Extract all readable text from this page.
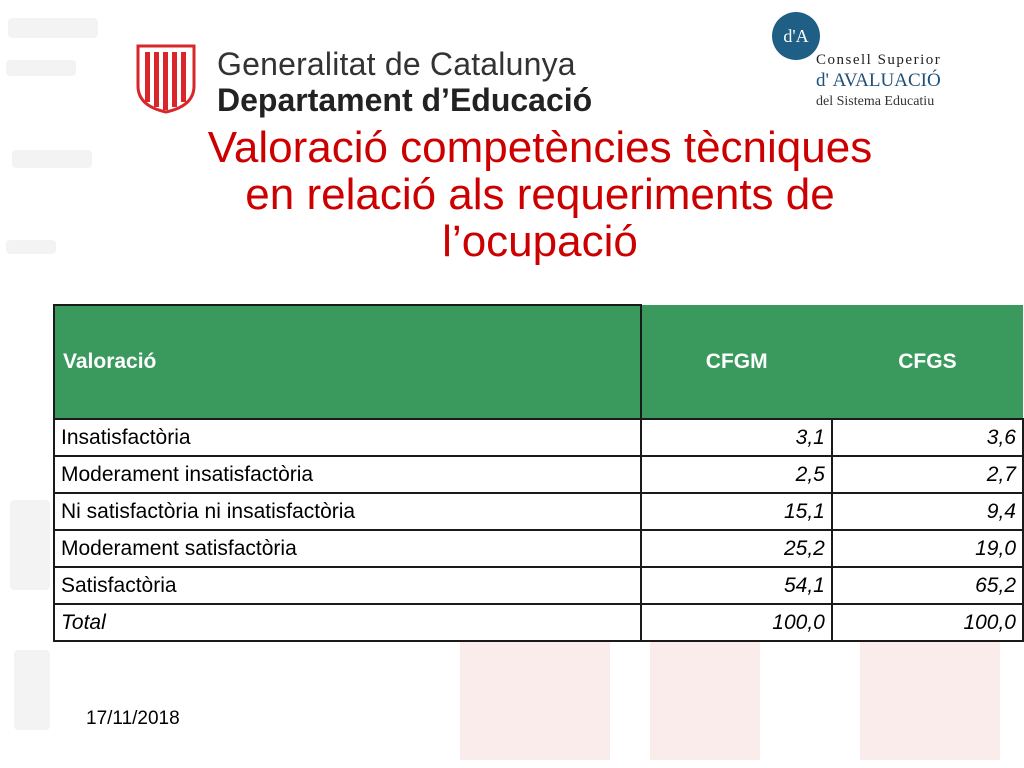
Generalitat de Catalunya
Departament d’Educació
d'A
Consell Superior
d' AVALUACIÓ
del Sistema Educatiu
Valoració competències tècniques
en relació als requeriments de
l’ocupació
Valoració	CFGM	CFGS
Insatisfactòria	3,1	3,6
Moderament insatisfactòria	2,5	2,7
Ni satisfactòria ni insatisfactòria	15,1	9,4
Moderament satisfactòria	25,2	19,0
Satisfactòria	54,1	65,2
Total	100,0	100,0
17/11/2018
